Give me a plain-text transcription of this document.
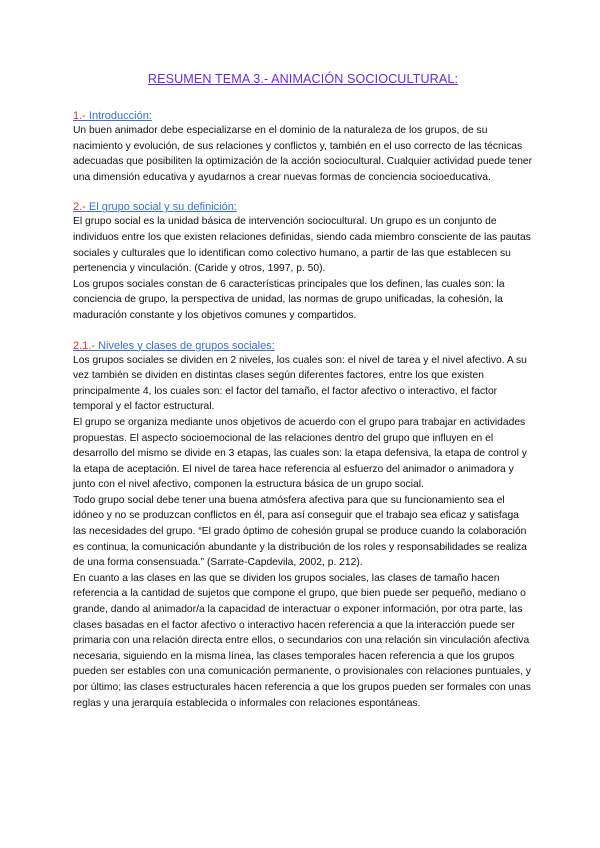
RESUMEN TEMA 3.- ANIMACIÓN SOCIOCULTURAL:

1.- Introducción:

Un buen animador debe especializarse en el dominio de la naturaleza de los grupos, de su nacimiento y evolución, de sus relaciones y conflictos y, también en el uso correcto de las técnicas adecuadas que posibiliten la optimización de la acción sociocultural. Cualquier actividad puede tener una dimensión educativa y ayudarnos a crear nuevas formas de conciencia socioeducativa.

2.- El grupo social y su definición:

El grupo social es la unidad básica de intervención sociocultural. Un grupo es un conjunto de individuos entre los que existen relaciones definidas, siendo cada miembro consciente de las pautas sociales y culturales que lo identifican como colectivo humano, a partir de las que establecen su pertenencia y vinculación. (Caride y otros, 1997, p. 50).

Los grupos sociales constan de 6 características principales que los definen, las cuales son: la conciencia de grupo, la perspectiva de unidad, las normas de grupo unificadas, la cohesión, la maduración constante y los objetivos comunes y compartidos.

2.1.- Niveles y clases de grupos sociales:

Los grupos sociales se dividen en 2 niveles, los cuales son: el nivel de tarea y el nivel afectivo. A su vez también se dividen en distintas clases según diferentes factores, entre los que existen principalmente 4, los cuales son: el factor del tamaño, el factor afectivo o interactivo, el factor temporal y el factor estructural.

El grupo se organiza mediante unos objetivos de acuerdo con el grupo para trabajar en actividades propuestas. El aspecto socioemocional de las relaciones dentro del grupo que influyen en el desarrollo del mismo se divide en 3 etapas, las cuales son: la etapa defensiva, la etapa de control y la etapa de aceptación. El nivel de tarea hace referencia al esfuerzo del animador o animadora y junto con el nivel afectivo, componen la estructura básica de un grupo social.

Todo grupo social debe tener una buena atmósfera afectiva para que su funcionamiento sea el idóneo y no se produzcan conflictos en él, para así conseguir que el trabajo sea eficaz y satisfaga las necesidades del grupo. “El grado óptimo de cohesión grupal se produce cuando la colaboración es continua, la comunicación abundante y la distribución de los roles y responsabilidades se realiza de una forma consensuada.” (Sarrate-Capdevila, 2002, p. 212).

En cuanto a las clases en las que se dividen los grupos sociales, las clases de tamaño hacen referencia a la cantidad de sujetos que compone el grupo, que bien puede ser pequeño, mediano o grande, dando al animador/a la capacidad de interactuar o exponer información, por otra parte, las clases basadas en el factor afectivo o interactivo hacen referencia a que la interacción puede ser primaria con una relación directa entre ellos, o secundarios con una relación sin vinculación afectiva necesaria, siguiendo en la misma línea, las clases temporales hacen referencia a que los grupos pueden ser estables con una comunicación permanente, o provisionales con relaciones puntuales, y por último; las clases estructurales hacen referencia a que los grupos pueden ser formales con unas reglas y una jerarquía establecida o informales con relaciones espontáneas.
